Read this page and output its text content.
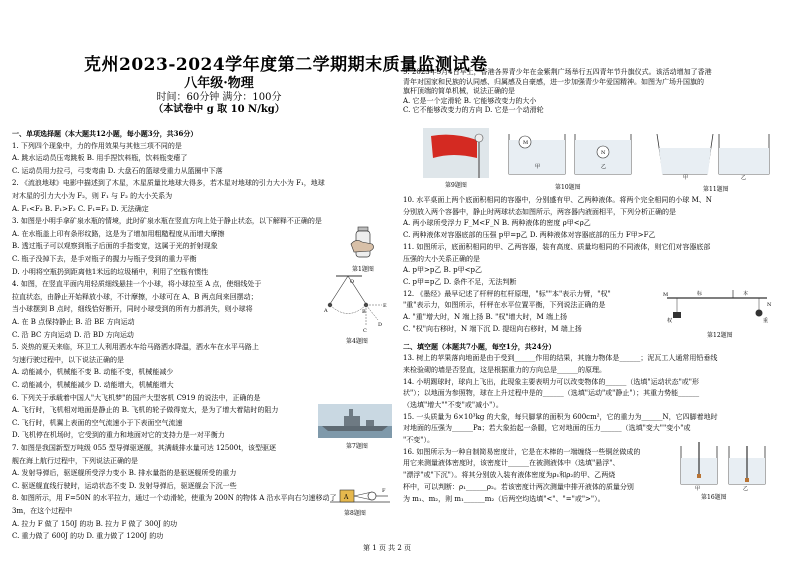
克州2023-2024学年度第二学期期末质量监测试卷
八年级·物理
时间：60分钟 满分：100分
（本试卷中 g 取 10 N/kg）
一、单项选择题（本大题共12小题，每小题3分，共36分）
1. 下列四个现象中，力的作用效果与其他三项不同的是
A. 跳水运动员压弯跳板 B. 用手捏饮料瓶，饮料瓶变瘪了
C. 运动员用力拉弓，弓变弯曲 D. 大盘石的篮球受重力从篮圈中下落
2. 《流浪地球》电影中描述到了木星，木星质量比地球大得多，若木星对地球的引力大小为 F₁，地球
对木星的引力大小为 F₂，则 F₁ 与 F₂ 的大小关系为
A. F₁<F₂ B. F₁>F₂ C. F₁=F₂ D. 无法确定
3. 如图是小明手拿矿泉水瓶的情境，此时矿泉水瓶在竖直方向上处于静止状态，以下解释不正确的是
A. 在水瓶盖上印有条形纹路，这是为了增加用粗糙程度从而增大摩擦
B. 透过瓶子可以观察到瓶子后面的手指变宽，这属于光的折射现象
C. 瓶子没掉下去，是手对瓶子的握力与瓶子受到的重力平衡
D. 小明将空瓶扔到距离他1米远的垃圾桶中，利用了空瓶有惯性
4. 如图，在竖直平面内用轻质细线悬挂一个小球，将小球拉至 A 点，使细线处于
拉直状态，由静止开始释放小球，不计摩擦，小球可在 A、B 两点间来回摆动；
当小球摆到 B 点时，细线恰好断开，同时小球受到的所有力都消失，则小球将
A. 在 B 点保持静止 B. 沿 BE 方向运动
C. 沿 BC 方向运动 D. 沿 BD 方向运动
5. 炎热的夏天来临，环卫工人利用洒水车给马路洒水降温，洒水车在水平马路上
匀速行驶过程中，以下说法正确的是
A. 动能减小，机械能不变 B. 动能不变，机械能减少
C. 动能减小，机械能减少 D. 动能增大，机械能增大
6. 下列关于承载着中国人"大飞机梦"的国产大型客机 C919 的说法中，正确的是
A. 飞行时，飞机相对地面是静止的 B. 飞机的轮子做得宽大，是为了增大着陆时的阻力
C. 飞行时，机翼上表面的空气流速小于下表面空气流速
D. 飞机停在机场时，它受到的重力和地面对它的支持力是一对平衡力
7. 如图是我国新型万吨级 055 型导弹驱逐舰，其满载排水量可达 12500t，该型驱逐
舰在海上航行过程中，下列说法正确的是
A. 发射导弹后，驱逐舰所受浮力变小 B. 排水量指的是驱逐舰所受的重力
C. 驱逐舰直线行驶时，运动状态不变 D. 发射导弹后，驱逐舰会下沉一些
8. 如图所示，用 F=50N 的水平拉力，通过一个动滑轮，使重为 200N 的物体 A 沿水平向右匀速移动了
3m，在这个过程中
A. 拉力 F 做了 150J 的功 B. 拉力 F 做了 300J 的功
C. 重力做了 600J 的功 D. 重力做了 1200J 的功
第1题图
O
A	B
E
D
C
第4题图
第7题图
A
F
第8题图
9. 2023年5月4日早上，香港各界青少年在金紫荆广场举行五四青年节升旗仪式。该活动增加了香港
青年对国家和民族的认同感、归属感及自豪感，进一步加强青少年爱国精神。如图为广场升国旗的
旗杆顶端的简单机械，说法正确的是
A. 它是一个定滑轮 B. 它能够改变力的大小
C. 它不能够改变力的方向 D. 它是一个动滑轮
10. 水平桌面上两个底面积相同的容器中，分别盛有甲、乙两种液体。将两个完全相同的小球 M、N
分别放入两个容器中，静止时两球状态如图所示，两容器内液面相平，下列分析正确的是
A. 两小球所受浮力 F_M<F_N B. 两种液体的密度 ρ甲<ρ乙
C. 两种液体对容器底部的压强 p甲=p乙 D. 两种液体对容器底部的压力 F甲>F乙
11. 如图所示，底面积相同的甲、乙两容器，装有高度、质量均相同的不同液体，则它们对容器底部
压强的大小关系正确的是
A. p甲>p乙 B. p甲<p乙
C. p甲=p乙 D. 条件不足，无法判断
12. 《墨经》最早记述了杆秤的杠杆原理，"标""本"表示力臂，"权"
"重"表示力，如图所示，杆秤在水平位置平衡，下列说法正确的是
A. "重"增大时，N 端上扬 B. "权"增大时，M 端上扬
C. "权"向右移时，N 端下沉 D. 提纽向右移时，M 端上扬
二、填空题（本题共7小题，每空1分，共24分）
13. 树上的苹果落向地面是由于受到______作用的结果，其施力物体是______；泥瓦工人通常用铅垂线
来检验砌的墙是否竖直，这是根据重力的方向总是______的原理。
14. 小明踢球时，球向上飞出，此现象主要表明力可以改变物体的______（选填"运动状态"或"形
状"）；以地面为参照物，球在上升过程中是的______（选填"运动"或"静止"）；其重力势能______
（选填"增大""不变"或"减小"）。
15. 一头质量为 6×10³kg 的大象，每只脚掌的面积为 600cm²，它的重力为______N，它四脚着地时
对地面的压强为______Pa；若大象抬起一条腿，它对地面的压力______（选填"变大""变小"或
"不变"）。
16. 如图所示为一种自制简易密度计，它是在木棒的一端缠绕一些铜丝做成的
用它来测量液体密度时，该密度计______在被测液体中（选填"悬浮"、
"漂浮"或"下沉"）。将其分别放入装有液体密度为ρ₁和ρ₂的甲、乙两烧
杯中，可以判断：ρ₁______ρ₂。若该密度计两次测量中排开液体的质量分别
为 m₁、m₂，则 m₁______m₂（后两空均选填"<"、"="或">"）。
第9题图
M
N
甲	乙
第10题图
甲	乙
第11题图
标	本
权	重
M
N
第12题图
甲	乙
第16题图
第 1 页 共 2 页
